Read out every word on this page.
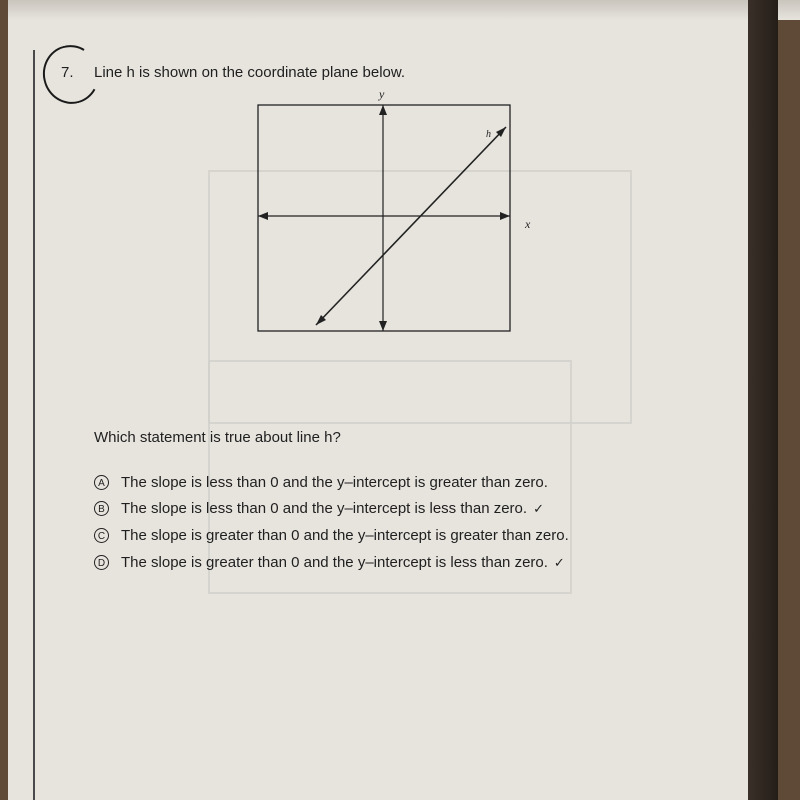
7. Line h is shown on the coordinate plane below.
y
x
h
Which statement is true about line h?
A The slope is less than 0 and the y–intercept is greater than zero.
B The slope is less than 0 and the y–intercept is less than zero. ✓
C The slope is greater than 0 and the y–intercept is greater than zero.
D The slope is greater than 0 and the y–intercept is less than zero. ✓
